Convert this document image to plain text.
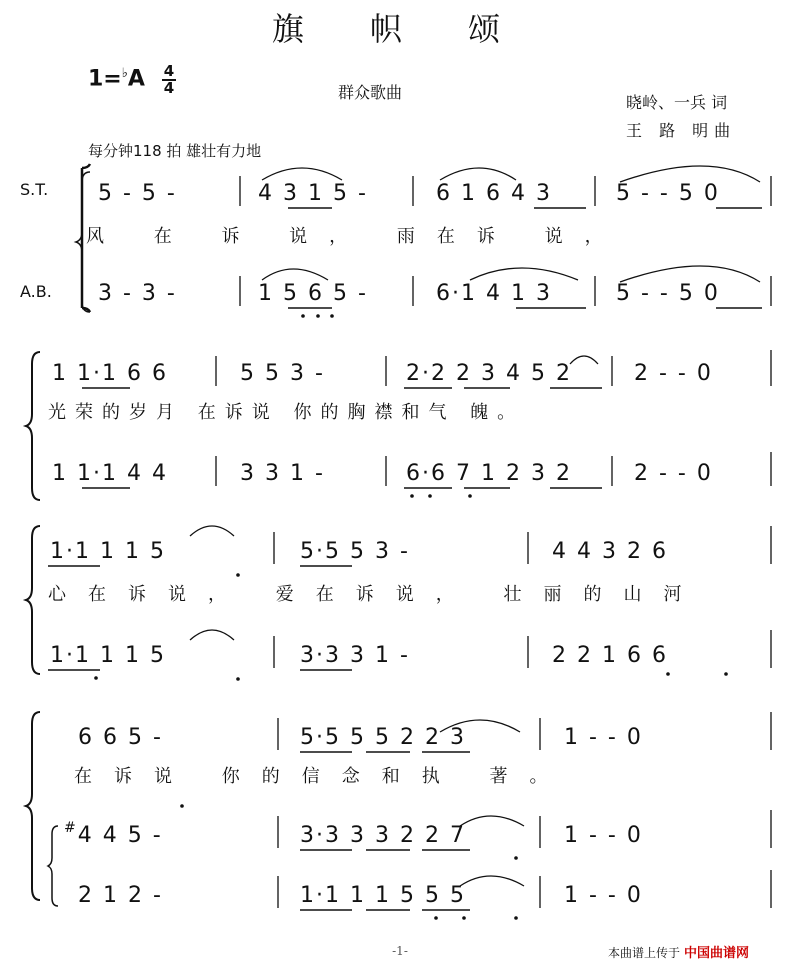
旗 帜 颂
1=♭A 4
4	群众歌曲
晓岭、一兵 词
王 路 明曲
每分钟118 拍 雄壮有力地
S.T.
A.B.
5 - 5 -	4 3 1 5 -	6 1 6 4 3	5 - - 5 0
3 - 3 -	1 5 6 5 -	6·1 4 1 3	5 - - 5 0
1 1·1 6 6	5 5 3 -	2·2 2 3 4 5 2	2 - - 0
1 1·1 4 4	3 3 1 -	6·6 7 1 2 3 2	2 - - 0
1·1 1 1 5	5·5 5 3 -	4 4 3 2 6
1·1 1 1 5	3·3 3 1 -	2 2 1 6 6
6 6 5 -	5·5 5 5 2 2 3	1 - - 0
#4 4 5 -	3·3 3 3 2 2 7	1 - - 0
2 1 2 -	1·1 1 1 5 5 5	1 - - 0
风 在 诉 说， 雨在诉 说，
光荣的岁月 在诉说 你的胸襟和气 魄。
心在诉说， 爱在诉说， 壮丽的山河
在诉说 你的信念和执 著。
-1-	本曲谱上传于 中国曲谱网
